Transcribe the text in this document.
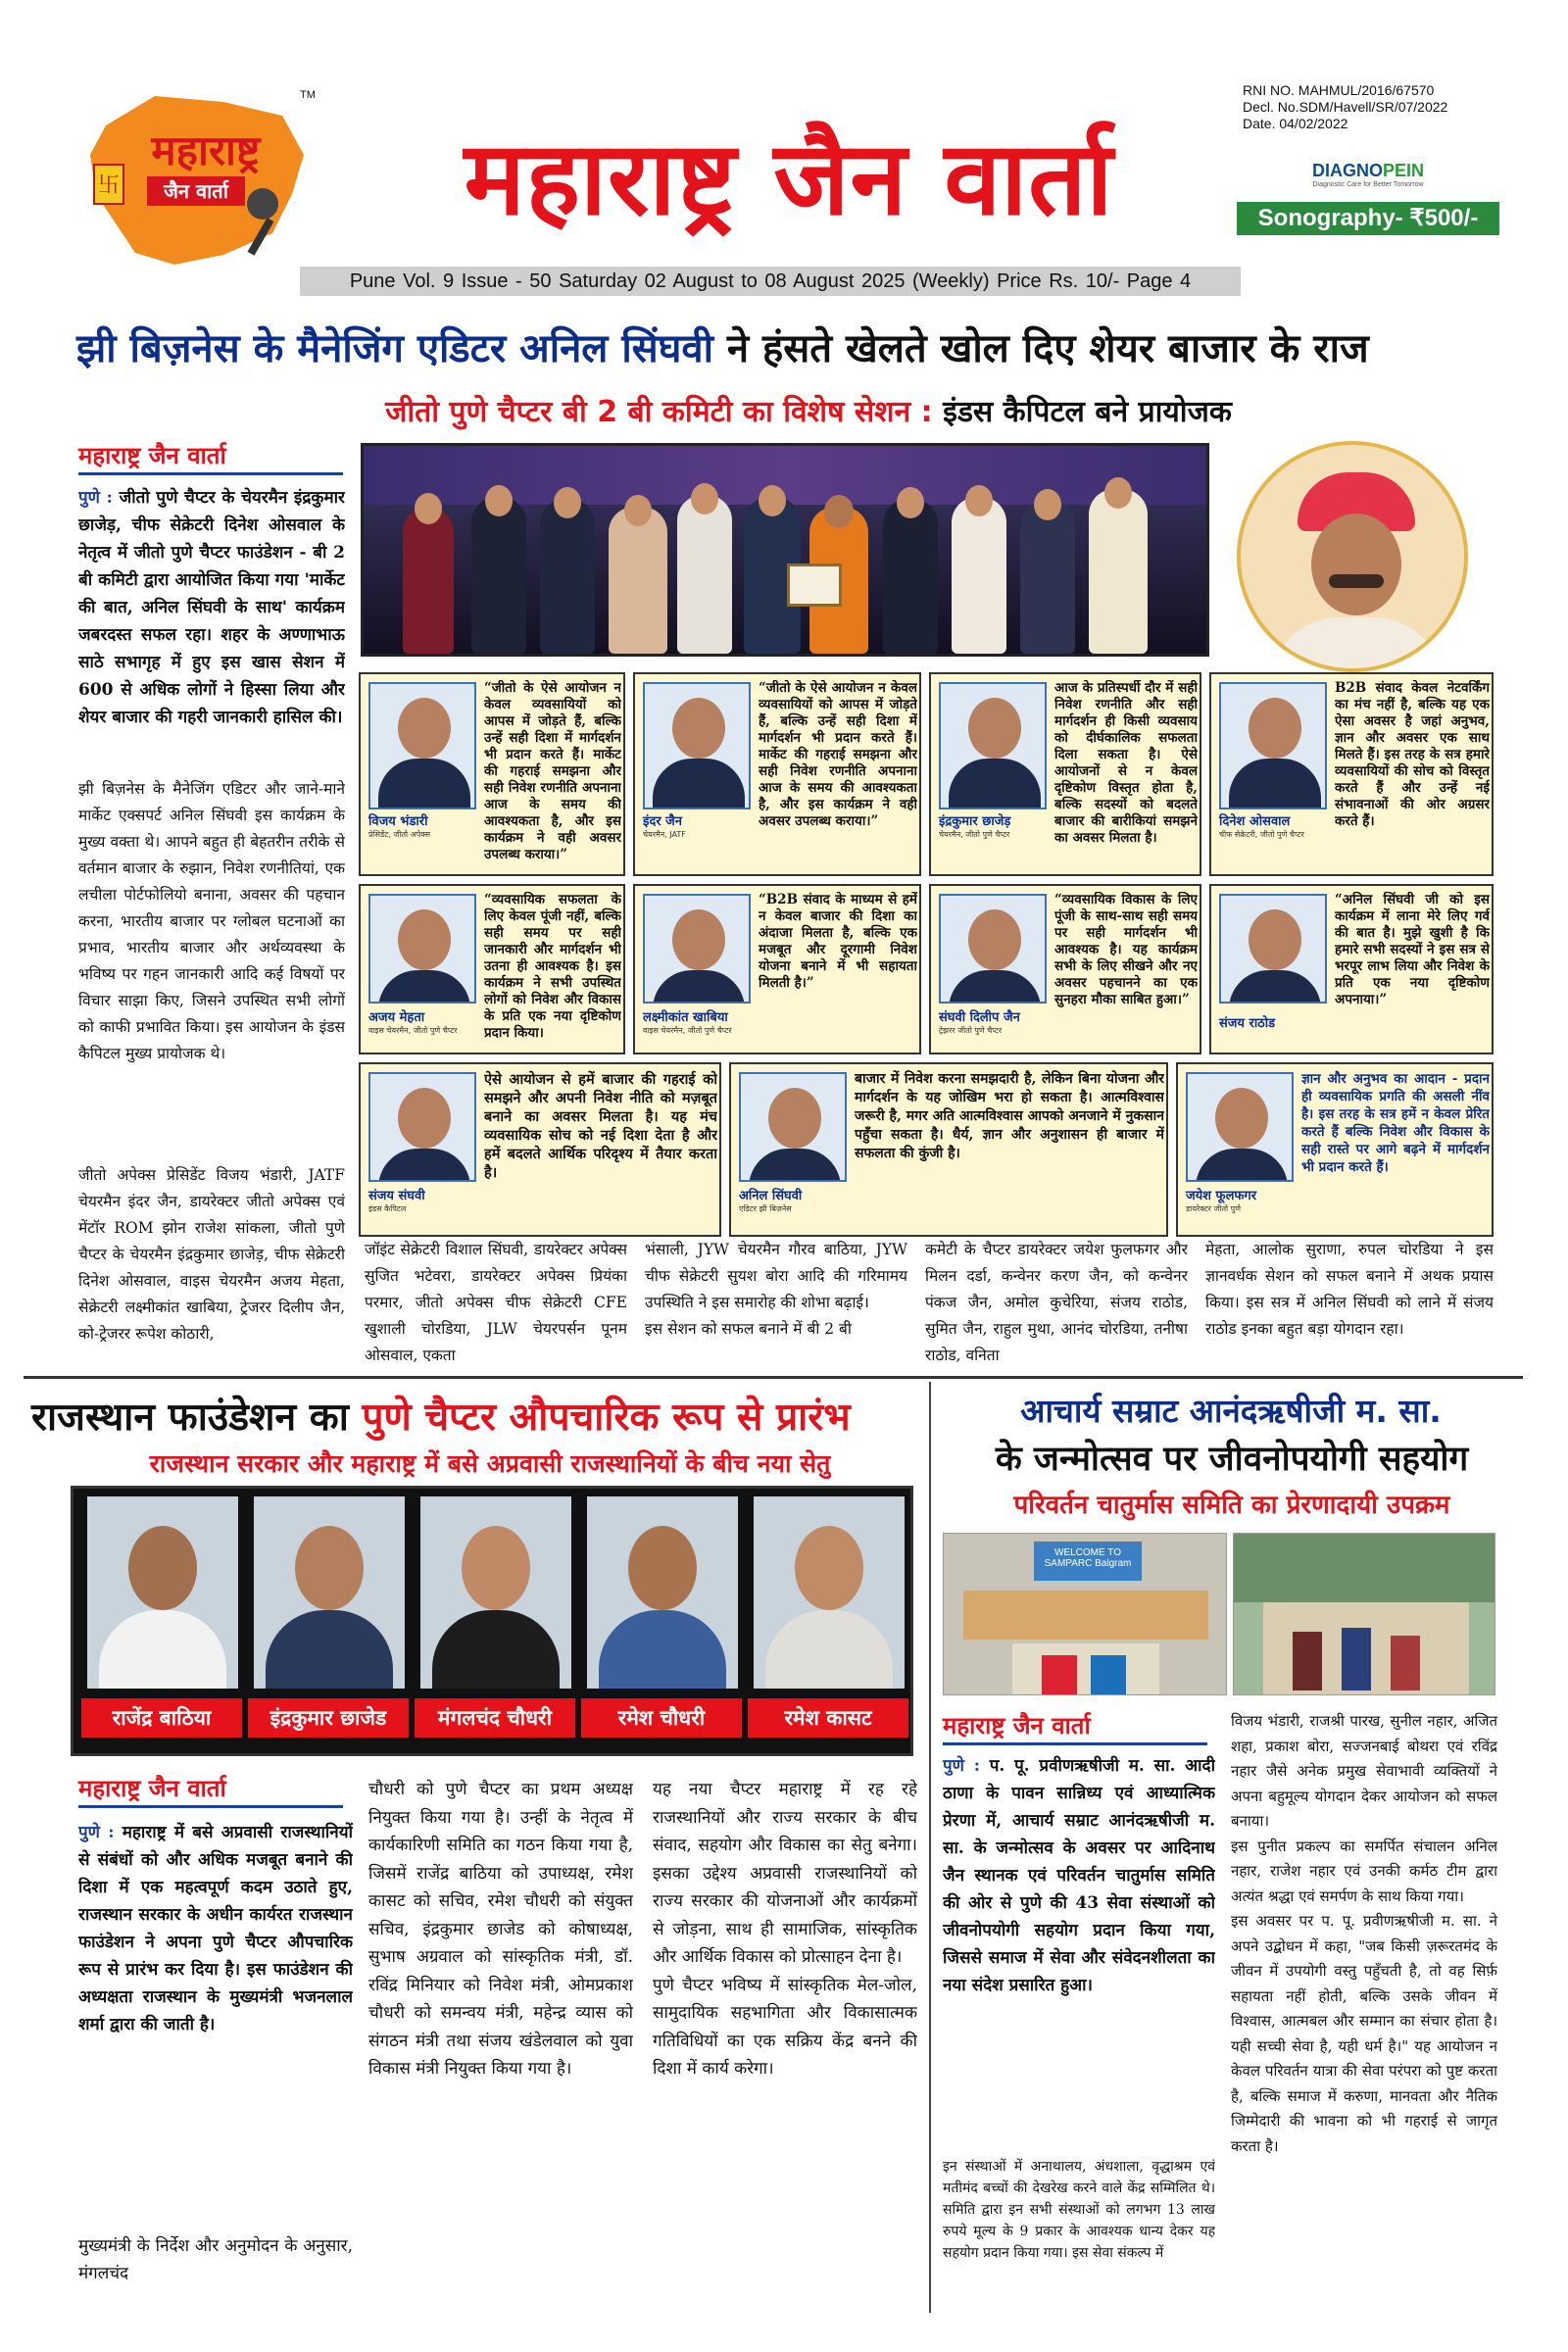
卐
महाराष्ट्र
जैन वार्ता
NEWS
TM
महाराष्ट्र जैन वार्ता
RNI NO. MAHMUL/2016/67570
Decl. No.SDM/Havell/SR/07/2022
Date. 04/02/2022
DIAGNOPEIN
Diagnostic Care for Better Tomorrow
Sonography- ₹500/-
Pune Vol. 9 Issue - 50 Saturday 02 August to 08 August 2025 (Weekly) Price Rs. 10/- Page 4
झी बिज़नेस के मैनेजिंग एडिटर अनिल सिंघवी ने हंसते खेलते खोल दिए शेयर बाजार के राज
जीतो पुणे चैप्टर बी 2 बी कमिटी का विशेष सेशन : इंडस कैपिटल बने प्रायोजक
महाराष्ट्र जैन वार्ता
पुणे : जीतो पुणे चैप्टर के चेयरमैन इंद्रकुमार छाजेड़, चीफ सेक्रेटरी दिनेश ओसवाल के नेतृत्व में जीतो पुणे चैप्टर फाउंडेशन - बी 2 बी कमिटी द्वारा आयोजित किया गया 'मार्केट की बात, अनिल सिंघवी के साथ' कार्यक्रम जबरदस्त सफल रहा। शहर के अण्णाभाऊ साठे सभागृह में हुए इस खास सेशन में 600 से अधिक लोगों ने हिस्सा लिया और शेयर बाजार की गहरी जानकारी हासिल की।
झी बिज़नेस के मैनेजिंग एडिटर और जाने-माने मार्केट एक्सपर्ट अनिल सिंघवी इस कार्यक्रम के मुख्य वक्ता थे। आपने बहुत ही बेहतरीन तरीके से वर्तमान बाजार के रुझान, निवेश रणनीतियां, एक लचीला पोर्टफोलियो बनाना, अवसर की पहचान करना, भारतीय बाजार पर ग्लोबल घटनाओं का प्रभाव, भारतीय बाजार और अर्थव्यवस्था के भविष्य पर गहन जानकारी आदि कई विषयों पर विचार साझा किए, जिसने उपस्थित सभी लोगों को काफी प्रभावित किया। इस आयोजन के इंडस कैपिटल मुख्य प्रायोजक थे।
जीतो अपेक्स प्रेसिडेंट विजय भंडारी, JATF चेयरमैन इंदर जैन, डायरेक्टर जीतो अपेक्स एवं मेंटॉर ROM झोन राजेश सांकला, जीतो पुणे चैप्टर के चेयरमैन इंद्रकुमार छाजेड़, चीफ सेक्रेटरी दिनेश ओसवाल, वाइस चेयरमैन अजय मेहता, सेक्रेटरी लक्ष्मीकांत खाबिया, ट्रेजरर दिलीप जैन, को-ट्रेजरर रूपेश कोठारी,
विजय भंडारी
प्रेसिडेंट, जीतो अपेक्स
“जीतो के ऐसे आयोजन न केवल व्यवसायियों को आपस में जोड़ते हैं, बल्कि उन्हें सही दिशा में मार्गदर्शन भी प्रदान करते हैं। मार्केट की गहराई समझना और सही निवेश रणनीति अपनाना आज के समय की आवश्यकता है, और इस कार्यक्रम ने वही अवसर उपलब्ध कराया।”
इंदर जैन
चेयरमैन, JATF
“जीतो के ऐसे आयोजन न केवल व्यवसायियों को आपस में जोड़ते हैं, बल्कि उन्हें सही दिशा में मार्गदर्शन भी प्रदान करते हैं। मार्केट की गहराई समझना और सही निवेश रणनीति अपनाना आज के समय की आवश्यकता है, और इस कार्यक्रम ने वही अवसर उपलब्ध कराया।”	इंद्रकुमार छाजेड़
चेयरमैन, जीतो पुणे चैप्टर
आज के प्रतिस्पर्धी दौर में सही निवेश रणनीति और सही मार्गदर्शन ही किसी व्यवसाय को दीर्घकालिक सफलता दिला सकता है। ऐसे आयोजनों से न केवल दृष्टिकोण विस्तृत होता है, बल्कि सदस्यों को बदलते बाजार की बारीकियां समझने का अवसर मिलता है।
दिनेश ओसवाल
चीफ सेक्रेटरी, जीतो पुणे चैप्टर
B2B संवाद केवल नेटवर्किंग का मंच नहीं है, बल्कि यह एक ऐसा अवसर है जहां अनुभव, ज्ञान और अवसर एक साथ मिलते हैं। इस तरह के सत्र हमारे व्यवसायियों की सोच को विस्तृत करते हैं और उन्हें नई संभावनाओं की ओर अग्रसर करते हैं।
अजय मेहता
वाइस चेयरमैन, जीतो पुणे चैप्टर
“व्यवसायिक सफलता के लिए केवल पूंजी नहीं, बल्कि सही समय पर सही जानकारी और मार्गदर्शन भी उतना ही आवश्यक है। इस कार्यक्रम ने सभी उपस्थित लोगों को निवेश और विकास के प्रति एक नया दृष्टिकोण प्रदान किया।
लक्ष्मीकांत खाबिया
वाइस चेयरमैन, जीतो पुणे चैप्टर
“B2B संवाद के माध्यम से हमें न केवल बाजार की दिशा का अंदाजा मिलता है, बल्कि एक मजबूत और दूरगामी निवेश योजना बनाने में भी सहायता मिलती है।”
संघवी दिलीप जैन
ट्रेझरर जीतो पुणे चैप्टर
“व्यवसायिक विकास के लिए पूंजी के साथ-साथ सही समय पर सही मार्गदर्शन भी आवश्यक है। यह कार्यक्रम सभी के लिए सीखने और नए अवसर पहचानने का एक सुनहरा मौका साबित हुआ।”
संजय राठोड
“अनिल सिंघवी जी को इस कार्यक्रम में लाना मेरे लिए गर्व की बात है। मुझे खुशी है कि हमारे सभी सदस्यों ने इस सत्र से भरपूर लाभ लिया और निवेश के प्रति एक नया दृष्टिकोण अपनाया।”
संजय संघवी
इंडस कैपिटल
ऐसे आयोजन से हमें बाजार की गहराई को समझने और अपनी निवेश नीति को मज़बूत बनाने का अवसर मिलता है। यह मंच व्यवसायिक सोच को नई दिशा देता है और हमें बदलते आर्थिक परिदृश्य में तैयार करता है।
अनिल सिंघवी
एडिटर झी बिज़नेस
बाजार में निवेश करना समझदारी है, लेकिन बिना योजना और मार्गदर्शन के यह जोखिम भरा हो सकता है। आत्मविश्वास जरूरी है, मगर अति आत्मविश्वास आपको अनजाने में नुकसान पहुँचा सकता है। धैर्य, ज्ञान और अनुशासन ही बाजार में सफलता की कुंजी है।
जयेश फूलफगर
डायरेक्टर जीतो पुणे
ज्ञान और अनुभव का आदान - प्रदान ही व्यवसायिक प्रगति की असली नींव है। इस तरह के सत्र हमें न केवल प्रेरित करते हैं बल्कि निवेश और विकास के सही रास्ते पर आगे बढ़ने में मार्गदर्शन भी प्रदान करते हैं।
जॉइंट सेक्रेटरी विशाल सिंघवी, डायरेक्टर अपेक्स सुजित भटेवरा, डायरेक्टर अपेक्स प्रियंका परमार, जीतो अपेक्स चीफ सेक्रेटरी CFE खुशाली चोरडिया, JLW चेयरपर्सन पूनम ओसवाल, एकता
भंसाली, JYW चेयरमैन गौरव बाठिया, JYW चीफ सेक्रेटरी सुयश बोरा आदि की गरिमामय उपस्थिति ने इस समारोह की शोभा बढ़ाई।
इस सेशन को सफल बनाने में बी 2 बी
कमेटी के चैप्टर डायरेक्टर जयेश फुलफगर और मिलन दर्डा, कन्वेनर करण जैन, को कन्वेनर पंकज जैन, अमोल कुचेरिया, संजय राठोड, सुमित जैन, राहुल मुथा, आनंद चोरडिया, तनीषा राठोड, वनिता
मेहता, आलोक सुराणा, रुपल चोरडिया ने इस ज्ञानवर्धक सेशन को सफल बनाने में अथक प्रयास किया। इस सत्र में अनिल सिंघवी को लाने में संजय राठोड इनका बहुत बड़ा योगदान रहा।
राजस्थान फाउंडेशन का पुणे चैप्टर औपचारिक रूप से प्रारंभ
राजस्थान सरकार और महाराष्ट्र में बसे अप्रवासी राजस्थानियों के बीच नया सेतु
राजेंद्र बाठिया	इंद्रकुमार छाजेड	मंगलचंद चौधरी	रमेश चौधरी	रमेश कासट
महाराष्ट्र जैन वार्ता
पुणे : महाराष्ट्र में बसे अप्रवासी राजस्थानियों से संबंधों को और अधिक मजबूत बनाने की दिशा में एक महत्वपूर्ण कदम उठाते हुए, राजस्थान सरकार के अधीन कार्यरत राजस्थान फाउंडेशन ने अपना पुणे चैप्टर औपचारिक रूप से प्रारंभ कर दिया है। इस फाउंडेशन की अध्यक्षता राजस्थान के मुख्यमंत्री भजनलाल शर्मा द्वारा की जाती है।
मुख्यमंत्री के निर्देश और अनुमोदन के अनुसार, मंगलचंद
चौधरी को पुणे चैप्टर का प्रथम अध्यक्ष नियुक्त किया गया है। उन्हीं के नेतृत्व में कार्यकारिणी समिति का गठन किया गया है, जिसमें राजेंद्र बाठिया को उपाध्यक्ष, रमेश कासट को सचिव, रमेश चौधरी को संयुक्त सचिव, इंद्रकुमार छाजेड को कोषाध्यक्ष, सुभाष अग्रवाल को सांस्कृतिक मंत्री, डॉ. रविंद्र मिनियार को निवेश मंत्री, ओमप्रकाश चौधरी को समन्वय मंत्री, महेन्द्र व्यास को संगठन मंत्री तथा संजय खंडेलवाल को युवा विकास मंत्री नियुक्त किया गया है।
यह नया चैप्टर महाराष्ट्र में रह रहे राजस्थानियों और राज्य सरकार के बीच संवाद, सहयोग और विकास का सेतु बनेगा। इसका उद्देश्य अप्रवासी राजस्थानियों को राज्य सरकार की योजनाओं और कार्यक्रमों से जोड़ना, साथ ही सामाजिक, सांस्कृतिक और आर्थिक विकास को प्रोत्साहन देना है।
पुणे चैप्टर भविष्य में सांस्कृतिक मेल-जोल, सामुदायिक सहभागिता और विकासात्मक गतिविधियों का एक सक्रिय केंद्र बनने की दिशा में कार्य करेगा।
आचार्य सम्राट आनंदऋषीजी म. सा.
के जन्मोत्सव पर जीवनोपयोगी सहयोग
परिवर्तन चातुर्मास समिति का प्रेरणादायी उपक्रम
WELCOME TO SAMPARC Balgram
महाराष्ट्र जैन वार्ता
पुणे : प. पू. प्रवीणऋषीजी म. सा. आदी ठाणा के पावन सान्निध्य एवं आध्यात्मिक प्रेरणा में, आचार्य सम्राट आनंदऋषीजी म. सा. के जन्मोत्सव के अवसर पर आदिनाथ जैन स्थानक एवं परिवर्तन चातुर्मास समिति की ओर से पुणे की 43 सेवा संस्थाओं को जीवनोपयोगी सहयोग प्रदान किया गया, जिससे समाज में सेवा और संवेदनशीलता का नया संदेश प्रसारित हुआ।
इन संस्थाओं में अनाथालय, अंधशाला, वृद्धाश्रम एवं मतीमंद बच्चों की देखरेख करने वाले केंद्र सम्मिलित थे। समिति द्वारा इन सभी संस्थाओं को लगभग 13 लाख रुपये मूल्य के 9 प्रकार के आवश्यक धान्य देकर यह सहयोग प्रदान किया गया। इस सेवा संकल्प में
विजय भंडारी, राजश्री पारख, सुनील नहार, अजित शहा, प्रकाश बोरा, सज्जनबाई बोथरा एवं रविंद्र नहार जैसे अनेक प्रमुख सेवाभावी व्यक्तियों ने अपना बहुमूल्य योगदान देकर आयोजन को सफल बनाया।
इस पुनीत प्रकल्प का समर्पित संचालन अनिल नहार, राजेश नहार एवं उनकी कर्मठ टीम द्वारा अत्यंत श्रद्धा एवं समर्पण के साथ किया गया।
इस अवसर पर प. पू. प्रवीणऋषीजी म. सा. ने अपने उद्बोधन में कहा, "जब किसी ज़रूरतमंद के जीवन में उपयोगी वस्तु पहुँचती है, तो वह सिर्फ़ सहायता नहीं होती, बल्कि उसके जीवन में विश्वास, आत्मबल और सम्मान का संचार होता है। यही सच्ची सेवा है, यही धर्म है।" यह आयोजन न केवल परिवर्तन यात्रा की सेवा परंपरा को पुष्ट करता है, बल्कि समाज में करुणा, मानवता और नैतिक जिम्मेदारी की भावना को भी गहराई से जागृत करता है।
